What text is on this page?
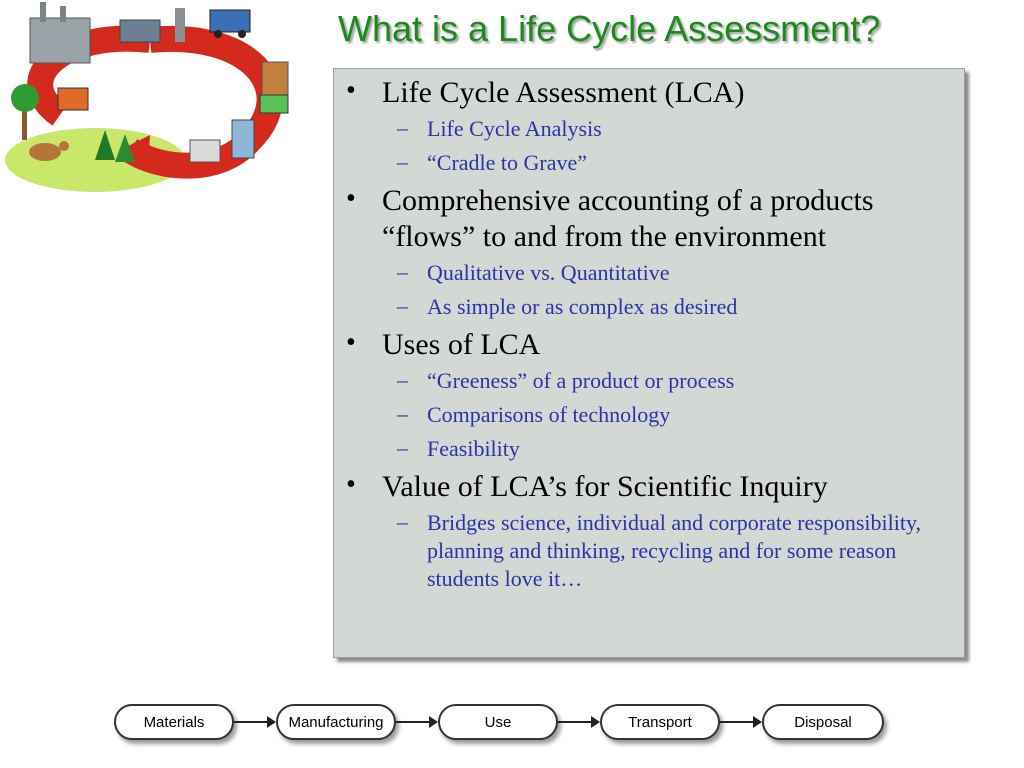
What is a Life Cycle Assessment?
• Life Cycle Assessment (LCA)
– Life Cycle Analysis
– “Cradle to Grave”
• Comprehensive accounting of a products “flows” to and from the environment
– Qualitative vs. Quantitative
– As simple or as complex as desired
• Uses of LCA
– “Greeness” of a product or process
– Comparisons of technology
– Feasibility
• Value of LCA’s for Scientific Inquiry
– Bridges science, individual and corporate responsibility, planning and thinking, recycling and for some reason students love it…
Materials	Manufacturing	Use	Transport	Disposal
